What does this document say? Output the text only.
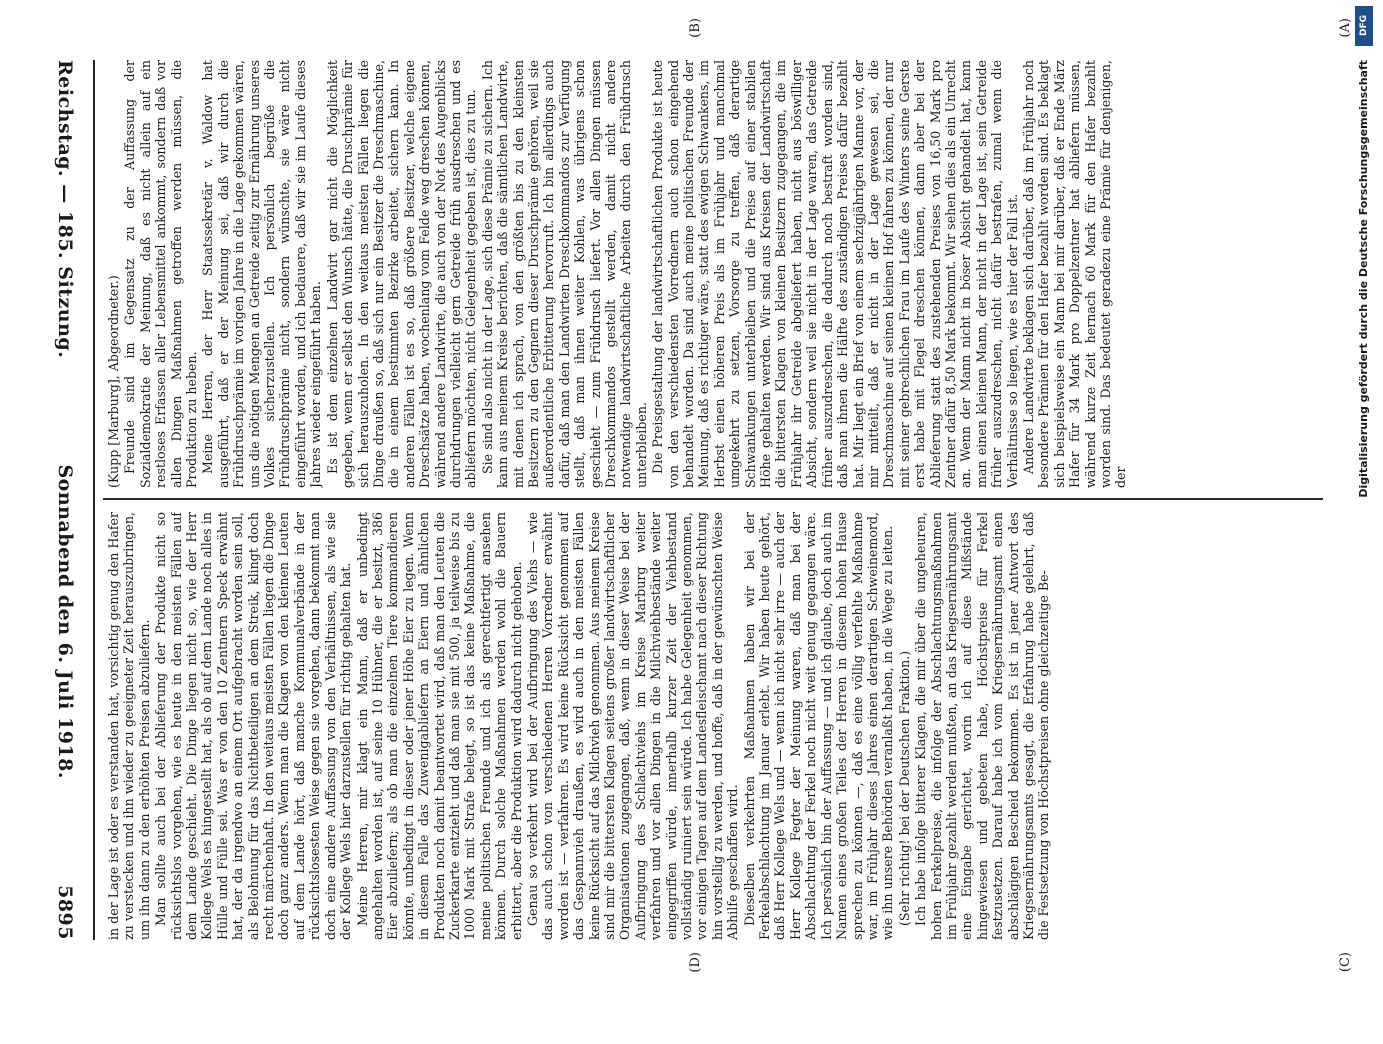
Reichstag. — 185. Sitzung.
Sonnabend den 6. Juli 1918.
5895

(Kupp [Marburg], Abgeordneter.) Freunde sind im Gegensatz zu der Auffassung der Sozialdemokratie der Meinung, daß es nicht allein auf ein restloses Erfassen aller Lebensmittel ankommt, sondern daß vor allen Dingen Maßnahmen getroffen werden müssen, die Produktion zu heben. Meine Herren, der Herr Staatssekretär v. Waldow hat ausgeführt, daß er der Meinung sei, daß wir durch die Frühdruschprämie im vorigen Jahre in die Lage gekommen wären, uns die nötigen Mengen an Getreide zeitig zur Ernährung unseres Volkes sicherzustellen. Ich persönlich begrüße die Frühdruschprämie nicht, sondern wünschte, sie wäre nicht eingeführt worden, und ich bedauere, daß wir sie im Laufe dieses Jahres wieder eingeführt haben. Es ist dem einzelnen Landwirt gar nicht die Möglichkeit gegeben, wenn er selbst den Wunsch hätte, die Druschprämie für sich herauszuholen. In den weitaus meisten Fällen liegen die Dinge draußen so, daß sich nur ein Besitzer die Dreschmaschine, die in einem bestimmten Bezirke arbeitet, sichern kann. In anderen Fällen ist es so, daß größere Besitzer, welche eigene Dreschsätze haben, wochenlang vom Felde weg dreschen können, während andere Landwirte, die auch von der Not des Augenblicks durchdrungen vielleicht gern Getreide früh ausdreschen und es abliefern möchten, nicht Gelegenheit gegeben ist, dies zu tun. Sie sind also nicht in der Lage, sich diese Prämie zu sichern. Ich kann aus meinem Kreise berichten, daß die sämtlichen Landwirte, mit denen ich sprach, von den größten bis zu den kleinsten Besitzern zu den Gegnern dieser Druschprämie gehören, weil sie außerordentliche Erbitterung hervorruft. Ich bin allerdings auch dafür, daß man den Landwirten Dreschkommandos zur Verfügung stellt, daß man ihnen weiter Kohlen, was übrigens schon geschieht — zum Frühdrusch liefert. Vor allen Dingen müssen Dreschkommandos gestellt werden, damit nicht andere notwendige landwirtschaftliche Arbeiten durch den Frühdrusch unterbleiben. Die Preisgestaltung der landwirtschaftlichen Produkte ist heute von den verschiedensten Vorrednern auch schon eingehend behandelt worden. Da sind auch meine politischen Freunde der Meinung, daß es richtiger wäre, statt des ewigen Schwankens, im Herbst einen höheren Preis als im Frühjahr und manchmal umgekehrt zu setzen, Vorsorge zu treffen, daß derartige Schwankungen unterbleiben und die Preise auf einer stabilen Höhe gehalten werden. Wir sind aus Kreisen der Landwirtschaft die bittersten Klagen von kleinen Besitzern zugegangen, die im Frühjahr ihr Getreide abgeliefert haben, nicht aus böswilliger Absicht, sondern weil sie nicht in der Lage waren, das Getreide früher auszudreschen, die dadurch noch bestraft worden sind, daß man ihnen die Hälfte des zuständigen Preises dafür bezahlt hat. Mir liegt ein Brief von einem sechzigjährigen Manne vor, der mir mitteilt, daß er nicht in der Lage gewesen sei, die Dreschmaschine auf seinen kleinen Hof fahren zu können, der nur mit seiner gebrechlichen Frau im Laufe des Winters seine Gerste erst habe mit Flegel dreschen können, dann aber bei der Ablieferung statt des zustehenden Preises von 16,50 Mark pro Zentner dafür 8,50 Mark bekommt. Wir sehen dies als ein Unrecht an. Wenn der Mann nicht in böser Absicht gehandelt hat, kann man einen kleinen Mann, der nicht in der Lage ist, sein Getreide früher auszudreschen, nicht dafür bestrafen, zumal wenn die Verhältnisse so liegen, wie es hier der Fall ist. Andere Landwirte beklagen sich darüber, daß im Frühjahr noch besondere Prämien für den Hafer bezahlt worden sind. Es beklagt sich beispielsweise ein Mann bei mir darüber, daß er Ende März Hafer für 34 Mark pro Doppelzentner hat abliefern müssen, während kurze Zeit hernach 60 Mark für den Hafer bezahlt worden sind. Das bedeutet geradezu eine Prämie für denjenigen, der

in der Lage ist oder es verstanden hat, vorsichtig genug den Hafer zu verstecken und ihn wieder zu geeigneter Zeit herauszubringen, um ihn dann zu den erhöhten Preisen abzuliefern. Man sollte auch bei der Ablieferung der Produkte nicht so rücksichtslos vorgehen, wie es heute in den meisten Fällen auf dem Lande geschieht. Die Dinge liegen nicht so, wie der Herr Kollege Wels es hingestellt hat, als ob auf dem Lande noch alles in Hülle und Fülle sei. Was er von den 10 Zentnern Speck erwähnt hat, der da irgendwo an einem Ort aufgebracht worden sein soll, als Belohnung für das Nichtbeteiligen an dem Streik, klingt doch recht märchenhaft. In den weitaus meisten Fällen liegen die Dinge doch ganz anders. Wenn man die Klagen von den kleinen Leuten auf dem Lande hört, daß manche Kommunalverbände in der rücksichtslosesten Weise gegen sie vorgehen, dann bekommt man doch eine andere Auffassung von den Verhältnissen, als wie sie der Kollege Wels hier darzustellen für richtig gehalten hat. Meine Herren, mir klagt ein Mann, daß er unbedingt angehalten worden ist, auf seine 10 Hühner, die er besitzt, 386 Eier abzuliefern; als ob man die einzelnen Tiere kommandieren könnte, unbedingt in dieser oder jener Höhe Eier zu legen. Wenn in diesem Falle das Zuwenigabliefern an Eiern und ähnlichen Produkten noch damit beantwortet wird, daß man den Leuten die Zuckerkarte entzieht und daß man sie mit 500, ja teilweise bis zu 1000 Mark mit Strafe belegt, so ist das keine Maßnahme, die meine politischen Freunde und ich als gerechtfertigt ansehen können. Durch solche Maßnahmen werden wohl die Bauern erbittert, aber die Produktion wird dadurch nicht gehoben. Genau so verkehrt wird bei der Aufbringung des Viehs — wie das auch schon von verschiedenen Herren Vorredner erwähnt worden ist — verfahren. Es wird keine Rücksicht genommen auf das Gespannvieh draußen, es wird auch in den meisten Fällen keine Rücksicht auf das Milchvieh genommen. Aus meinem Kreise sind mir die bittersten Klagen seitens großer landwirtschaftlicher Organisationen zugegangen, daß, wenn in dieser Weise bei der Aufbringung des Schlachtviehs im Kreise Marburg weiter verfahren und vor allen Dingen in die Milchviehbestände weiter eingegriffen würde, innerhalb kurzer Zeit der Viehbestand vollständig ruiniert sein würde. Ich habe Gelegenheit genommen, vor einigen Tagen auf dem Landesfleischamt nach dieser Richtung hin vorstellig zu werden, und hoffe, daß in der gewünschten Weise Abhilfe geschaffen wird. Dieselben verkehrten Maßnahmen haben wir bei der Ferkelabschlachtung im Januar erlebt. Wir haben heute gehört, daß Herr Kollege Wels und — wenn ich nicht sehr irre — auch der Herr Kollege Fegter der Meinung waren, daß man bei der Abschlachtung der Ferkel noch nicht weit genug gegangen wäre. Ich persönlich bin der Auffassung — und ich glaube, doch auch im Namen eines großen Teiles der Herren in diesem hohen Hause sprechen zu können —, daß es eine völlig verfehlte Maßnahme war, im Frühjahr dieses Jahres einen derartigen Schweinemord, wie ihn unsere Behörden veranlaßt haben, in die Wege zu leiten. (Sehr richtig! bei der Deutschen Fraktion.) Ich habe infolge bitterer Klagen, die mir über die ungeheuren, hohen Ferkelpreise, die infolge der Abschlachtungsmaßnahmen im Frühjahr gezahlt werden mußten, an das Kriegsernährungsamt eine Eingabe gerichtet, worin ich auf diese Mißstände hingewiesen und gebeten habe, Höchstpreise für Ferkel festzusetzen. Darauf habe ich vom Kriegsernährungsamt einen abschlägigen Bescheid bekommen. Es ist in jener Antwort des Kriegsernährungsamts gesagt, die Erfahrung habe gelehrt, daß die Festsetzung von Höchstpreisen ohne gleichzeitige Be-

(A)
(B)
(C)
(D)
DFG
Digitalisierung gefördert durch die Deutsche Forschungsgemeinschaft
